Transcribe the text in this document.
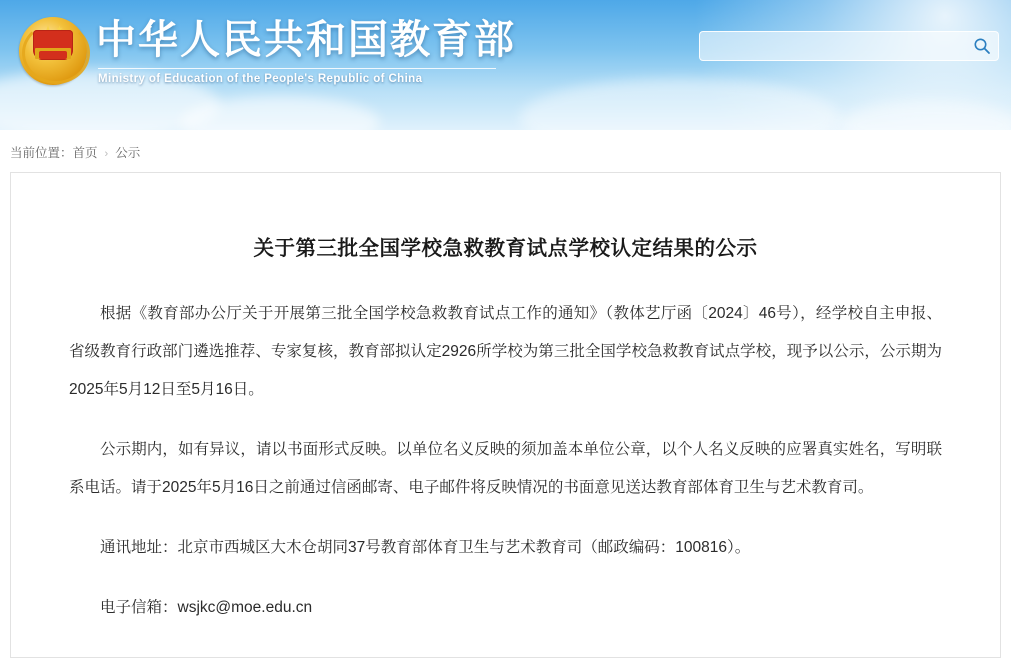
中华人民共和国教育部
Ministry of Education of the People's Republic of China
当前位置：首页 › 公示
关于第三批全国学校急救教育试点学校认定结果的公示

根据《教育部办公厅关于开展第三批全国学校急救教育试点工作的通知》（教体艺厅函〔2024〕46号），经学校自主申报、省级教育行政部门遴选推荐、专家复核，教育部拟认定2926所学校为第三批全国学校急救教育试点学校，现予以公示，公示期为2025年5月12日至5月16日。

公示期内，如有异议，请以书面形式反映。以单位名义反映的须加盖本单位公章，以个人名义反映的应署真实姓名，写明联系电话。请于2025年5月16日之前通过信函邮寄、电子邮件将反映情况的书面意见送达教育部体育卫生与艺术教育司。

通讯地址：北京市西城区大木仓胡同37号教育部体育卫生与艺术教育司（邮政编码：100816）。

电子信箱：wsjkc@moe.edu.cn
